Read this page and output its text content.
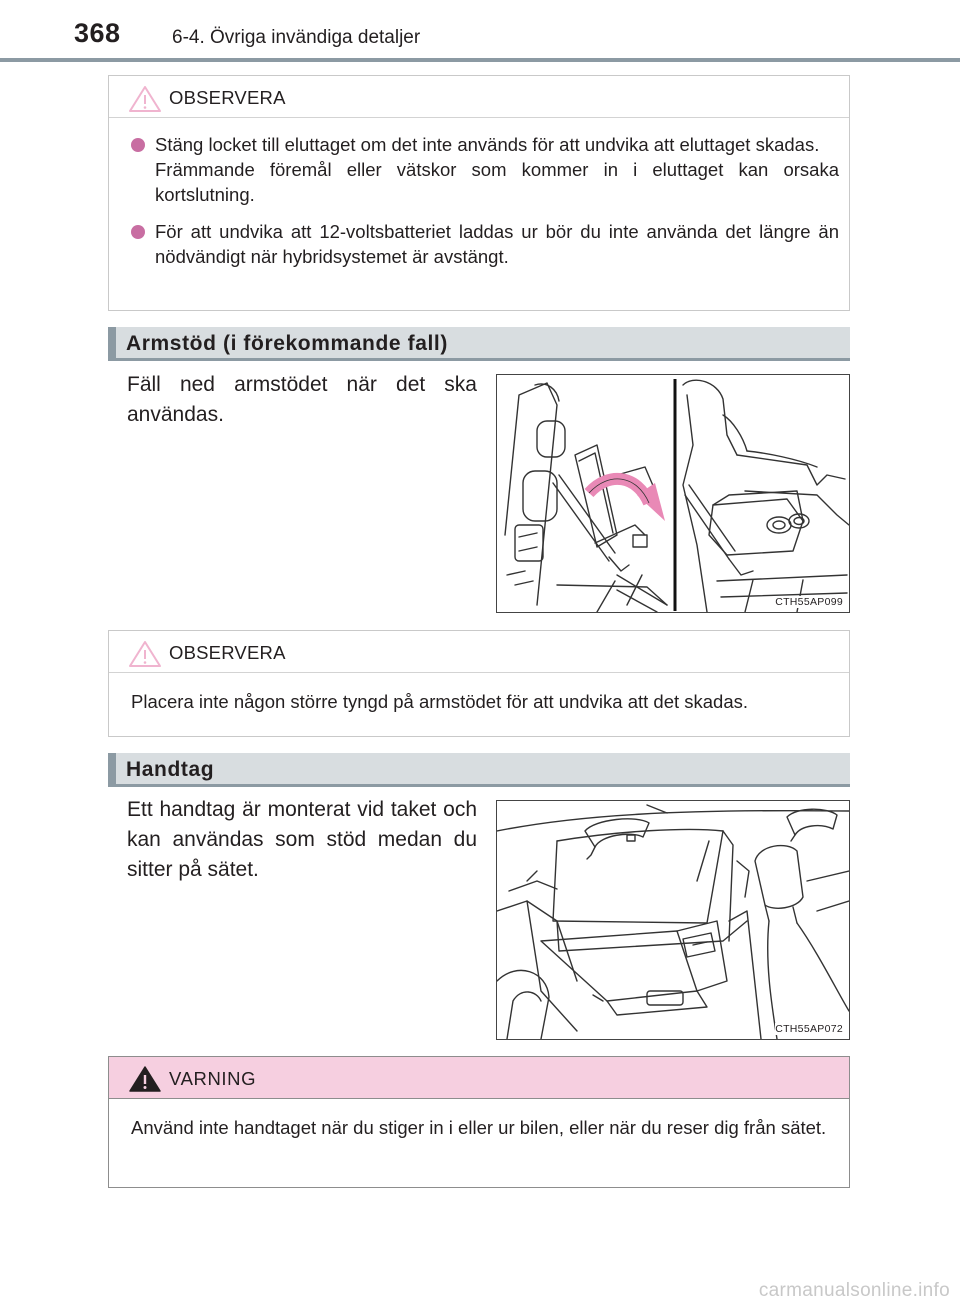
368	6-4. Övriga invändiga detaljer
OBSERVERA

Stäng locket till eluttaget om det inte används för att undvika att eluttaget skadas.

Främmande föremål eller vätskor som kommer in i eluttaget kan orsaka kortslutning.

För att undvika att 12-voltsbatteriet laddas ur bör du inte använda det längre än nödvändigt när hybridsystemet är avstängt.

Armstöd (i förekommande fall)
Fäll ned armstödet när det ska användas.
CTH55AP099
OBSERVERA
Placera inte någon större tyngd på armstödet för att undvika att det skadas.
Handtag
Ett handtag är monterat vid taket och kan användas som stöd medan du sitter på sätet.
CTH55AP072
VARNING
Använd inte handtaget när du stiger in i eller ur bilen, eller när du reser dig från sätet.
carmanualsonline.info
